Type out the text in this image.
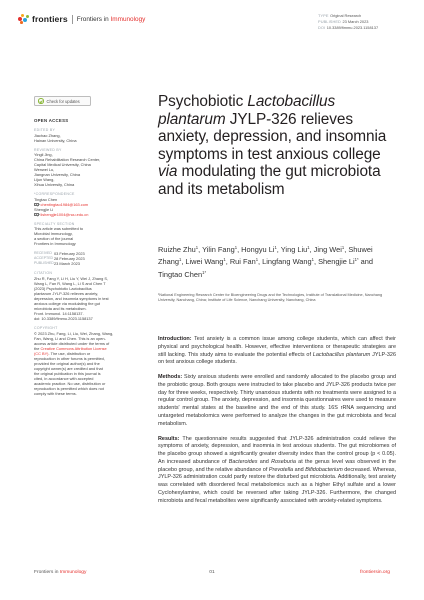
frontiers Frontiers in Immunology	TYPE Original Research
PUBLISHED 23 March 2023
DOI 10.3389/fimmu.2023.1158137
Check for updates
OPEN ACCESS
EDITED BY
Jiachao Zhang,
Hainan University, China
REVIEWED BY
Yingli Jing,
China Rehabilitation Research Center,
Capital Medical University, China
Wenwei Lu,
Jiangnan University, China
Lijun Wang,
Xihua University, China
*CORRESPONDENCE
Tingtao Chen
chentingtao1984@163.com
Shengjie Li
lishengjie1004@ncu.edu.cn
SPECIALTY SECTION
This article was submitted to
Microbial Immunology,
a section of the journal
Frontiers in Immunology
RECEIVED 03 February 2023
ACCEPTED 28 February 2023
PUBLISHED 23 March 2023
CITATION
Zhu R, Fang Y, Li H, Liu Y, Wei J, Zhang S,
Wang L, Fan R, Wang L, Li S and Chen T
(2023) Psychobiotic Lactobacillus
plantarum JYLP-326 relieves anxiety,
depression, and insomnia symptoms in test
anxious college via modulating the gut
microbiota and its metabolism.
Front. Immunol. 14:1158137.
doi: 10.3389/fimmu.2023.1158137
COPYRIGHT
© 2023 Zhu, Fang, Li, Liu, Wei, Zhang, Wang,
Fan, Wang, Li and Chen. This is an open-
access article distributed under the terms of
the Creative Commons Attribution License
(CC BY). The use, distribution or
reproduction in other forums is permitted,
provided the original author(s) and the
copyright owner(s) are credited and that
the original publication in this journal is
cited, in accordance with accepted
academic practice. No use, distribution or
reproduction is permitted which does not
comply with these terms.
Psychobiotic Lactobacillus plantarum JYLP-326 relieves anxiety, depression, and insomnia symptoms in test anxious college via modulating the gut microbiota and its metabolism
Ruizhe Zhu$^1$, Yilin Fang$^1$, Hongyu Li$^1$, Ying Liu$^1$, Jing Wei$^1$, Shuwei Zhang$^1$, Liwei Wang$^1$, Rui Fan$^1$, Lingfang Wang$^1$, Shengjie $Li^{1*}$ and Tingtao Chen$^{1*}$
¹National Engineering Research Center for Bioengineering Drugs and the Technologies, Institute of Translational Medicine, Nanchang University, Nanchang, China; Institute of Life Science, Nanchang University, Nanchang, China

Introduction: Test anxiety is a common issue among college students, which can affect their physical and psychological health. However, effective interventions or therapeutic strategies are still lacking. This study aims to evaluate the potential effects of Lactobacillus plantarum JYLP-326 on test anxious college students.

Methods: Sixty anxious students were enrolled and randomly allocated to the placebo group and the probiotic group. Both groups were instructed to take placebo and JYLP-326 products twice per day for three weeks, respectively. Thirty unanxious students with no treatments were assigned to a regular control group. The anxiety, depression, and insomnia questionnaires were used to measure students' mental states at the baseline and the end of this study. 16S rRNA sequencing and untargeted metabolomics were performed to analyze the changes in the gut microbiota and fecal metabolism.

Results: The questionnaire results suggested that JYLP-326 administration could relieve the symptoms of anxiety, depression, and insomnia in test anxious students. The gut microbiomes of the placebo group showed a significantly greater diversity index than the control group (p < 0.05). An increased abundance of Bacteroides and Roseburia at the genus level was observed in the placebo group, and the relative abundance of Prevotella and Bifidobacterium decreased. Whereas, JYLP-326 administration could partly restore the disturbed gut microbiota. Additionally, test anxiety was correlated with disordered fecal metabolomics such as a higher Ethyl sulfate and a lower Cyclohexylamine, which could be reversed after taking JYLP-326. Furthermore, the changed microbiota and fecal metabolites were significantly associated with anxiety-related symptoms.

Frontiers in Immunology	01	frontiersin.org
